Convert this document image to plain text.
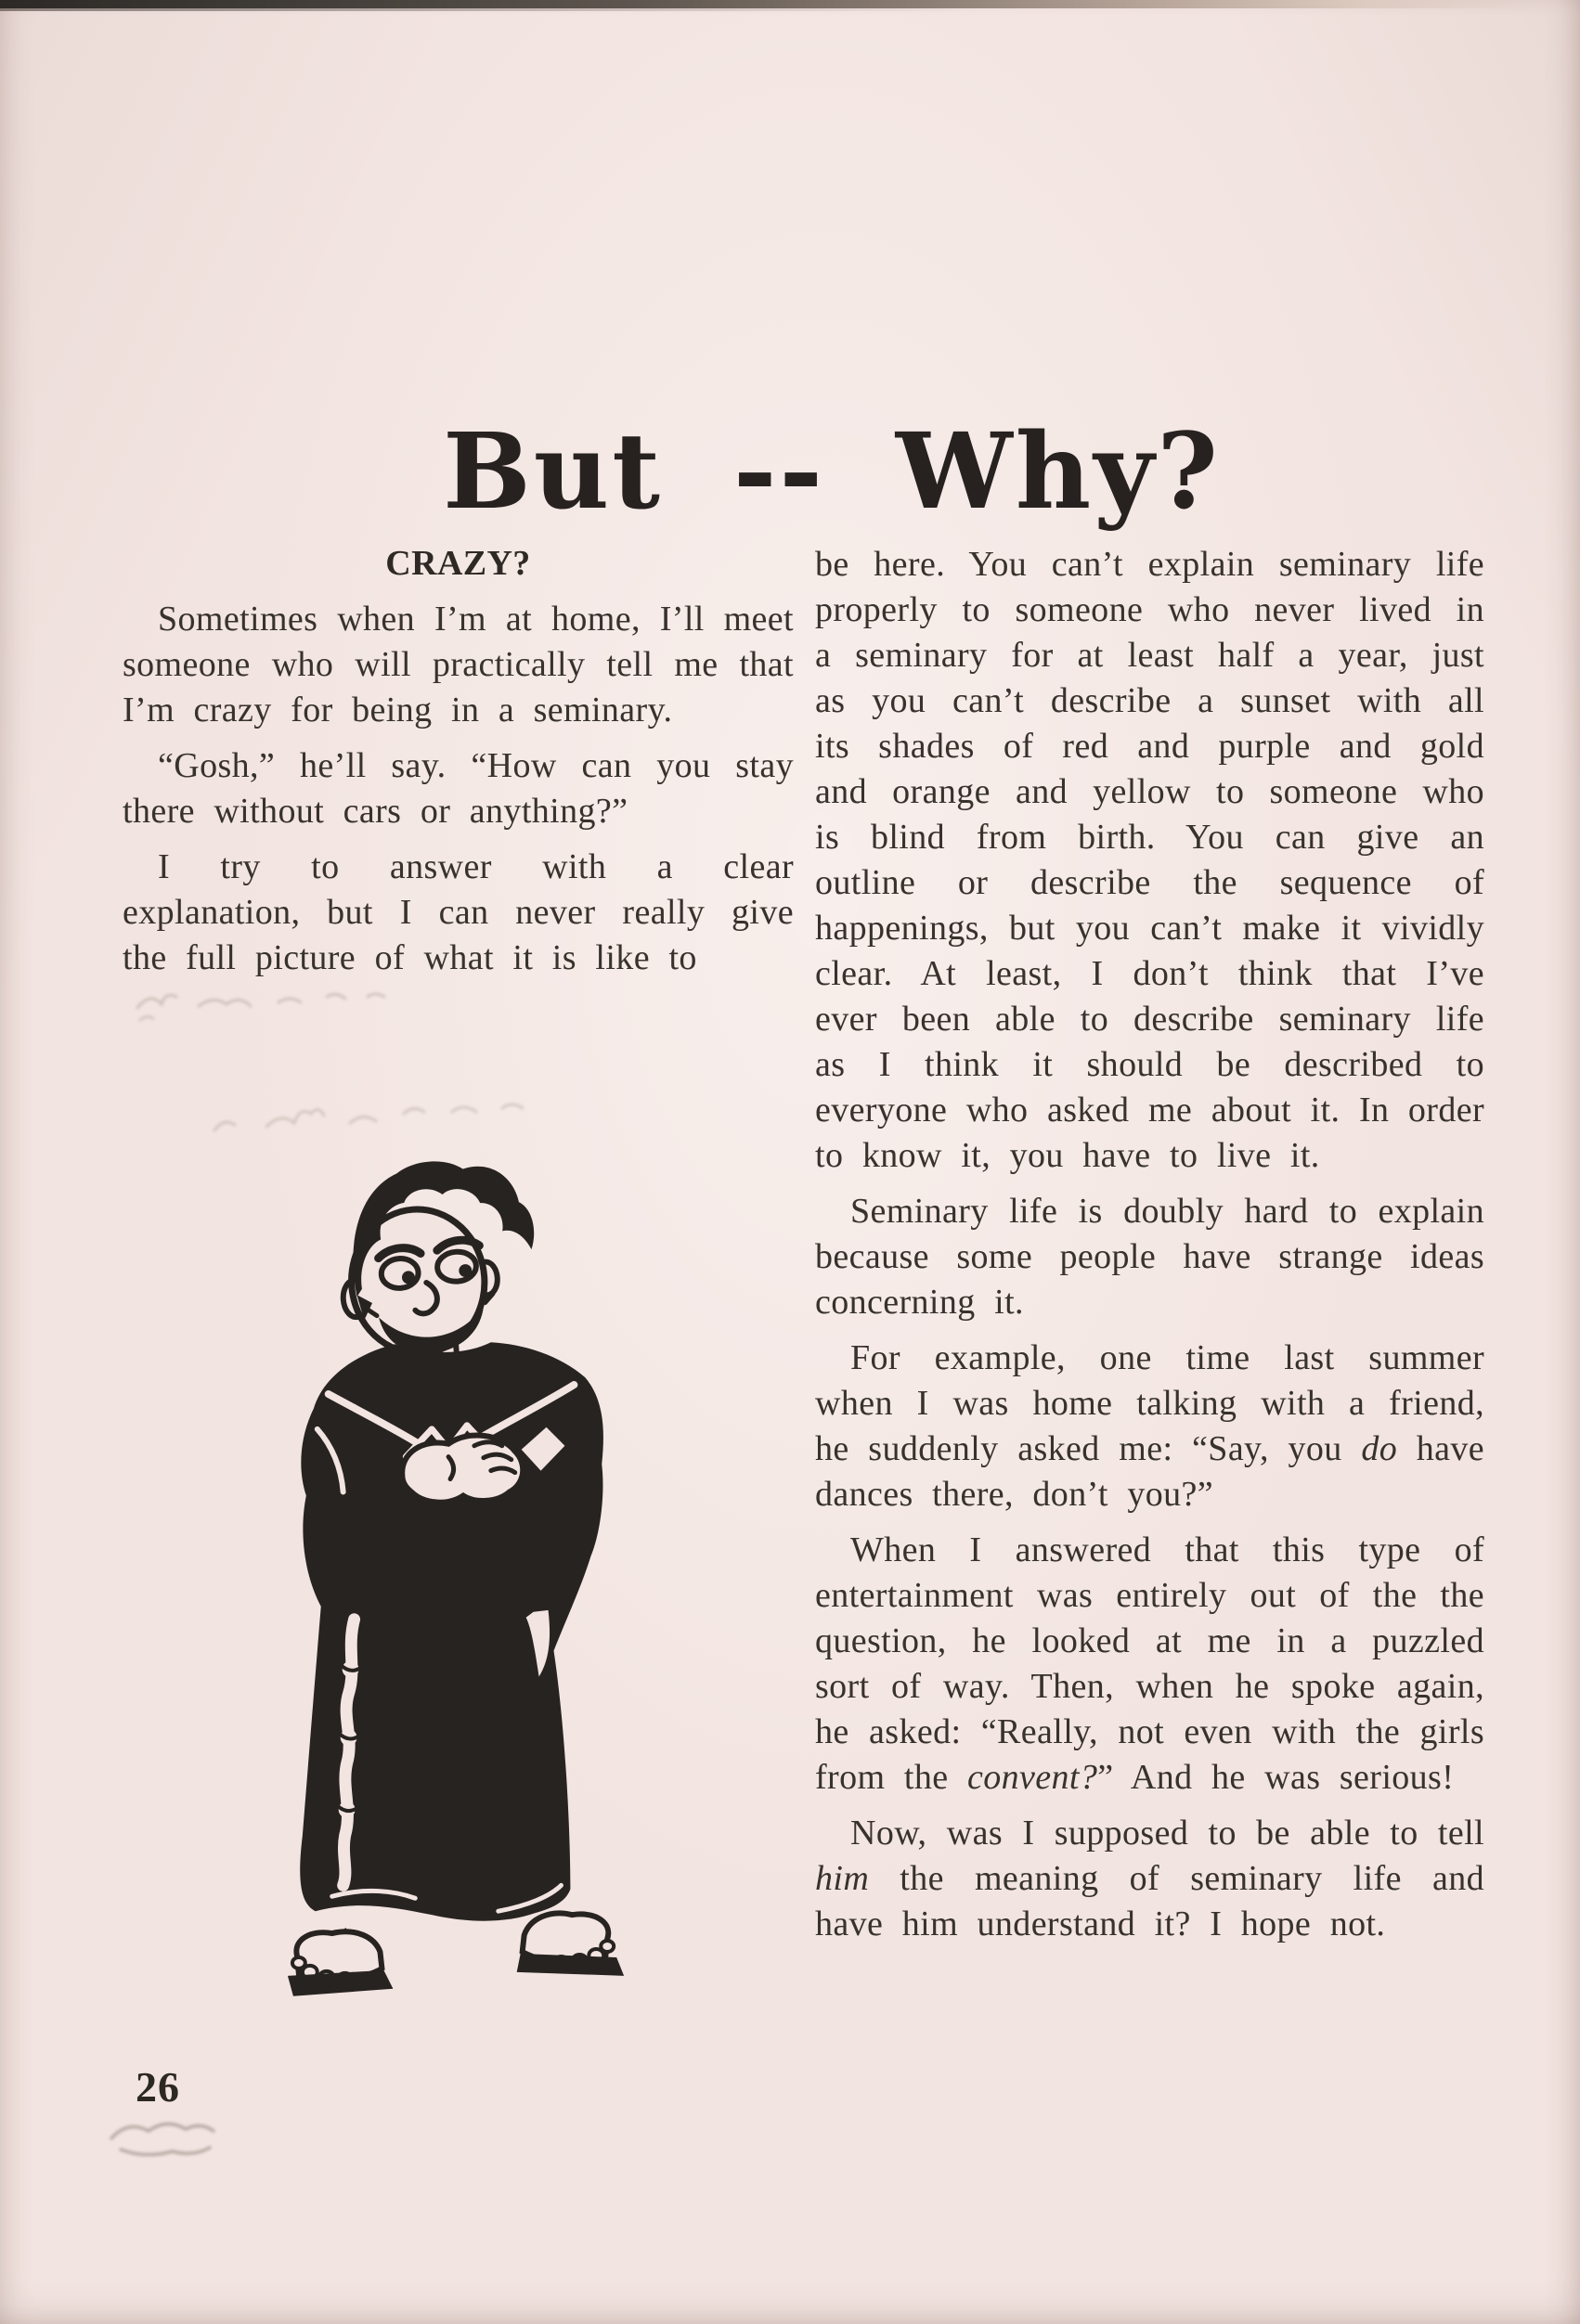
But -- Why?

CRAZY?

Sometimes when I’m at home, I’ll meet someone who will practically tell me that I’m crazy for being in a seminary.

“Gosh,” he’ll say. “How can you stay there without cars or anything?”

I try to answer with a clear explanation, but I can never really give the full picture of what it is like to

be here. You can’t explain seminary life properly to someone who never lived in a seminary for at least half a year, just as you can’t describe a sunset with all its shades of red and purple and gold and orange and yellow to someone who is blind from birth. You can give an outline or describe the sequence of happenings, but you can’t make it vividly clear. At least, I don’t think that I’ve ever been able to describe seminary life as I think it should be described to everyone who asked me about it. In order to know it, you have to live it.

Seminary life is doubly hard to explain because some people have strange ideas concerning it.

For example, one time last summer when I was home talking with a friend, he suddenly asked me: “Say, you do have dances there, don’t you?”

When I answered that this type of entertainment was entirely out of the the question, he looked at me in a puzzled sort of way. Then, when he spoke again, he asked: “Really, not even with the girls from the convent?” And he was serious!

Now, was I supposed to be able to tell him the meaning of seminary life and have him understand it? I hope not.

26
